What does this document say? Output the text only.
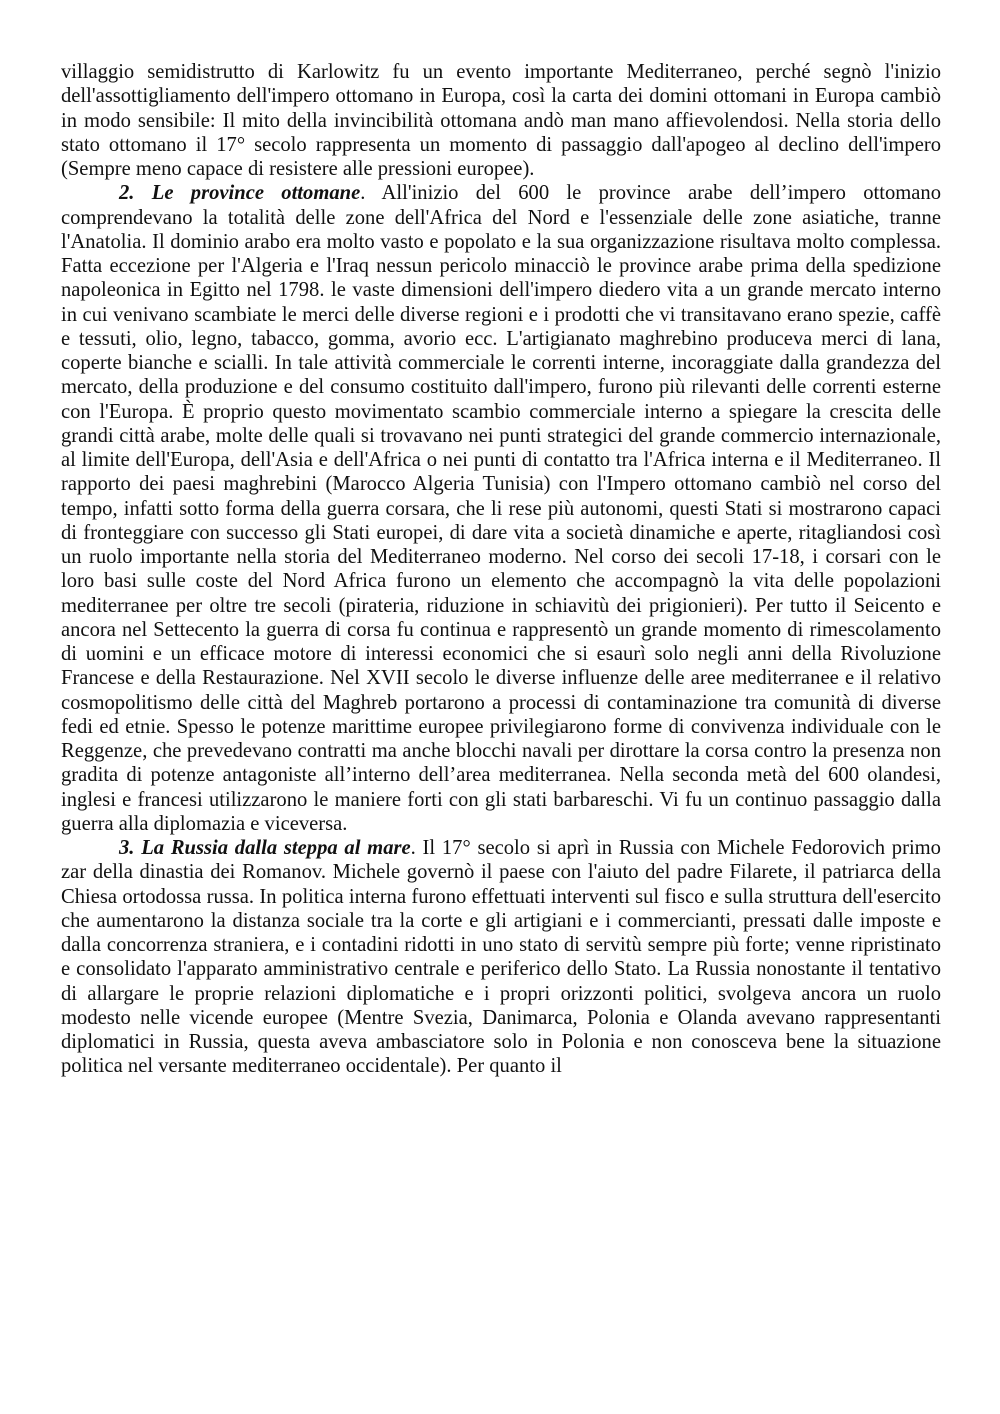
villaggio semidistrutto di Karlowitz fu un evento importante Mediterraneo, perché segnò l'inizio dell'assottigliamento dell'impero ottomano in Europa, così la carta dei domini ottomani in Europa cambiò in modo sensibile: Il mito della invincibilità ottomana andò man mano affievolendosi. Nella storia dello stato ottomano il 17° secolo rappresenta un momento di passaggio dall'apogeo al declino dell'impero (Sempre meno capace di resistere alle pressioni europee).

2. Le province ottomane. All'inizio del 600 le province arabe dell’impero ottomano comprendevano la totalità delle zone dell'Africa del Nord e l'essenziale delle zone asiatiche, tranne l'Anatolia. Il dominio arabo era molto vasto e popolato e la sua organizzazione risultava molto complessa. Fatta eccezione per l'Algeria e l'Iraq nessun pericolo minacciò le province arabe prima della spedizione napoleonica in Egitto nel 1798. le vaste dimensioni dell'impero diedero vita a un grande mercato interno in cui venivano scambiate le merci delle diverse regioni e i prodotti che vi transitavano erano spezie, caffè e tessuti, olio, legno, tabacco, gomma, avorio ecc. L'artigianato maghrebino produceva merci di lana, coperte bianche e scialli. In tale attività commerciale le correnti interne, incoraggiate dalla grandezza del mercato, della produzione e del consumo costituito dall'impero, furono più rilevanti delle correnti esterne con l'Europa. È proprio questo movimentato scambio commerciale interno a spiegare la crescita delle grandi città arabe, molte delle quali si trovavano nei punti strategici del grande commercio internazionale, al limite dell'Europa, dell'Asia e dell'Africa o nei punti di contatto tra l'Africa interna e il Mediterraneo. Il rapporto dei paesi maghrebini (Marocco Algeria Tunisia) con l'Impero ottomano cambiò nel corso del tempo, infatti sotto forma della guerra corsara, che li rese più autonomi, questi Stati si mostrarono capaci di fronteggiare con successo gli Stati europei, di dare vita a società dinamiche e aperte, ritagliandosi così un ruolo importante nella storia del Mediterraneo moderno. Nel corso dei secoli 17-18, i corsari con le loro basi sulle coste del Nord Africa furono un elemento che accompagnò la vita delle popolazioni mediterranee per oltre tre secoli (pirateria, riduzione in schiavitù dei prigionieri). Per tutto il Seicento e ancora nel Settecento la guerra di corsa fu continua e rappresentò un grande momento di rimescolamento di uomini e un efficace motore di interessi economici che si esaurì solo negli anni della Rivoluzione Francese e della Restaurazione. Nel XVII secolo le diverse influenze delle aree mediterranee e il relativo cosmopolitismo delle città del Maghreb portarono a processi di contaminazione tra comunità di diverse fedi ed etnie. Spesso le potenze marittime europee privilegiarono forme di convivenza individuale con le Reggenze, che prevedevano contratti ma anche blocchi navali per dirottare la corsa contro la presenza non gradita di potenze antagoniste all’interno dell’area mediterranea. Nella seconda metà del 600 olandesi, inglesi e francesi utilizzarono le maniere forti con gli stati barbareschi. Vi fu un continuo passaggio dalla guerra alla diplomazia e viceversa.

3. La Russia dalla steppa al mare. Il 17° secolo si aprì in Russia con Michele Fedorovich primo zar della dinastia dei Romanov. Michele governò il paese con l'aiuto del padre Filarete, il patriarca della Chiesa ortodossa russa. In politica interna furono effettuati interventi sul fisco e sulla struttura dell'esercito che aumentarono la distanza sociale tra la corte e gli artigiani e i commercianti, pressati dalle imposte e dalla concorrenza straniera, e i contadini ridotti in uno stato di servitù sempre più forte; venne ripristinato e consolidato l'apparato amministrativo centrale e periferico dello Stato. La Russia nonostante il tentativo di allargare le proprie relazioni diplomatiche e i propri orizzonti politici, svolgeva ancora un ruolo modesto nelle vicende europee (Mentre Svezia, Danimarca, Polonia e Olanda avevano rappresentanti diplomatici in Russia, questa aveva ambasciatore solo in Polonia e non conosceva bene la situazione politica nel versante mediterraneo occidentale). Per quanto il
